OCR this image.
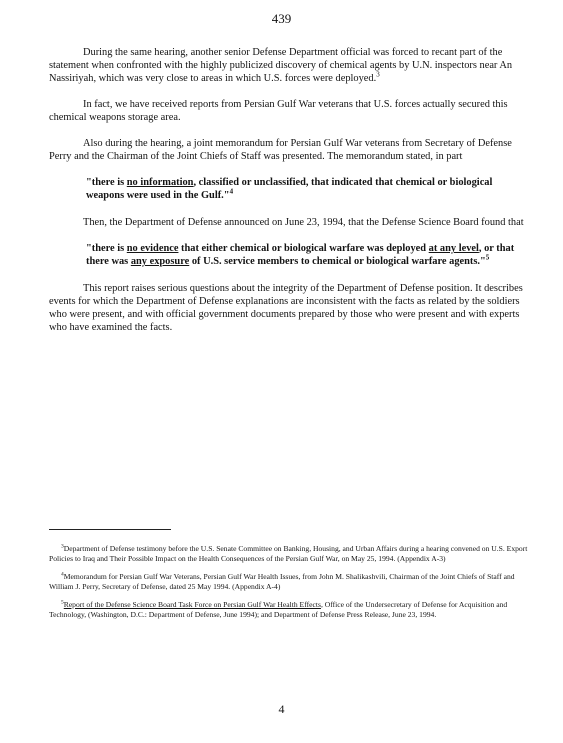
439

During the same hearing, another senior Defense Department official was forced to recant part of the statement when confronted with the highly publicized discovery of chemical agents by U.N. inspectors near An Nassiriyah, which was very close to areas in which U.S. forces were deployed.$^3$

In fact, we have received reports from Persian Gulf War veterans that U.S. forces actually secured this chemical weapons storage area.

Also during the hearing, a joint memorandum for Persian Gulf War veterans from Secretary of Defense Perry and the Chairman of the Joint Chiefs of Staff was presented. The memorandum stated, in part

"there is no information, classified or unclassified, that indicated that chemical or biological weapons were used in the Gulf."$^4$

Then, the Department of Defense announced on June 23, 1994, that the Defense Science Board found that

"there is no evidence that either chemical or biological warfare was deployed at any level, or that there was any exposure of U.S. service members to chemical or biological warfare agents."$^5$

This report raises serious questions about the integrity of the Department of Defense position. It describes events for which the Department of Defense explanations are inconsistent with the facts as related by the soldiers who were present, and with official government documents prepared by those who were present and with experts who have examined the facts.

$^3$Department of Defense testimony before the U.S. Senate Committee on Banking, Housing, and Urban Affairs during a hearing convened on U.S. Export Policies to Iraq and Their Possible Impact on the Health Consequences of the Persian Gulf War, on May 25, 1994. (Appendix A-3)

$^4$Memorandum for Persian Gulf War Veterans, Persian Gulf War Health Issues, from John M. Shalikashvili, Chairman of the Joint Chiefs of Staff and William J. Perry, Secretary of Defense, dated 25 May 1994. (Appendix A-4)

$^5$Report of the Defense Science Board Task Force on Persian Gulf War Health Effects, Office of the Undersecretary of Defense for Acquisition and Technology, (Washington, D.C.: Department of Defense, June 1994); and Department of Defense Press Release, June 23, 1994.

4
